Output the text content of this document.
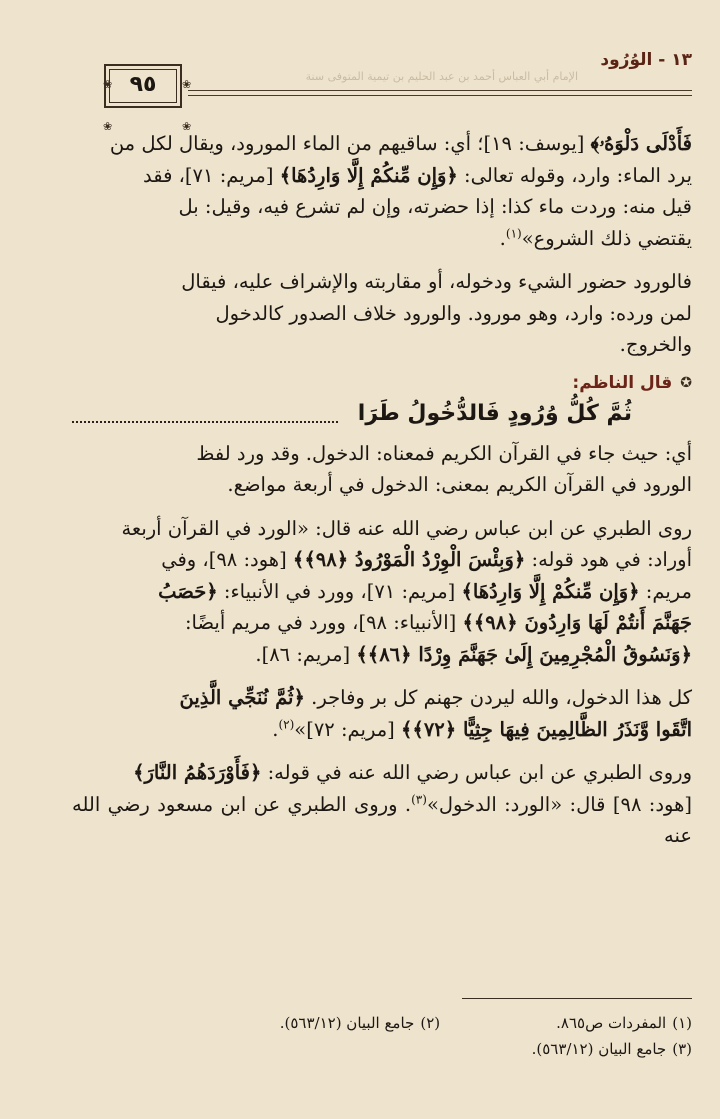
١٣ - الوُرُود
الإمام أبي العباس أحمد بن عبد الحليم بن تيمية المتوفى سنة
❀	❀
❀	❀
٩٥

فَأَدْلَى دَلْوَهُۥ﴾ [يوسف: ١٩]؛ أي: ساقيهم من الماء المورود، ويقال لكل من
يرد الماء: وارد، وقوله تعالى: ﴿وَإِن مِّنكُمْ إِلَّا وَارِدُهَا﴾ [مريم: ٧١]، فقد
قيل منه: وردت ماء كذا: إذا حضرته، وإن لم تشرع فيه، وقيل: بل
يقتضي ذلك الشروع»$^{(١)}$.

فالورود حضور الشيء ودخوله، أو مقاربته والإشراف عليه، فيقال
لمن ورده: وارد، وهو مورود. والورود خلاف الصدور كالدخول
والخروج.

✪
قال الناظم:
ثُمَّ كُلُّ وُرُودٍ فَالدُّخُولُ طَرَا

أي: حيث جاء في القرآن الكريم فمعناه: الدخول. وقد ورد لفظ
الورود في القرآن الكريم بمعنى: الدخول في أربعة مواضع.

روى الطبري عن ابن عباس رضي الله عنه قال: «الورد في القرآن أربعة
أوراد: في هود قوله: ﴿وَبِئْسَ الْوِرْدُ الْمَوْرُودُ ﴿٩٨﴾﴾ [هود: ٩٨]، وفي
مريم: ﴿وَإِن مِّنكُمْ إِلَّا وَارِدُهَا﴾ [مريم: ٧١]، وورد في الأنبياء: ﴿حَصَبُ
جَهَنَّمَ أَنتُمْ لَهَا وَارِدُونَ ﴿٩٨﴾﴾ [الأنبياء: ٩٨]، وورد في مريم أيضًا:
﴿وَنَسُوقُ الْمُجْرِمِينَ إِلَىٰ جَهَنَّمَ وِرْدًا ﴿٨٦﴾﴾ [مريم: ٨٦].

كل هذا الدخول، والله ليردن جهنم كل بر وفاجر. ﴿ثُمَّ نُنَجِّي الَّذِينَ
اتَّقَوا وَّنَذَرُ الظَّالِمِينَ فِيهَا جِثِيًّا ﴿٧٢﴾﴾ [مريم: ٧٢]»$^{(٢)}$.

وروى الطبري عن ابن عباس رضي الله عنه في قوله: ﴿فَأَوْرَدَهُمُ النَّارَ﴾
[هود: ٩٨] قال: «الورد: الدخول»$^{(٣)}$. وروى الطبري عن ابن مسعود رضي الله عنه

(١)المفردات ص٨٦٥.
(٢)جامع البيان (٥٦٣/١٢).
(٣)جامع البيان (٥٦٣/١٢).
